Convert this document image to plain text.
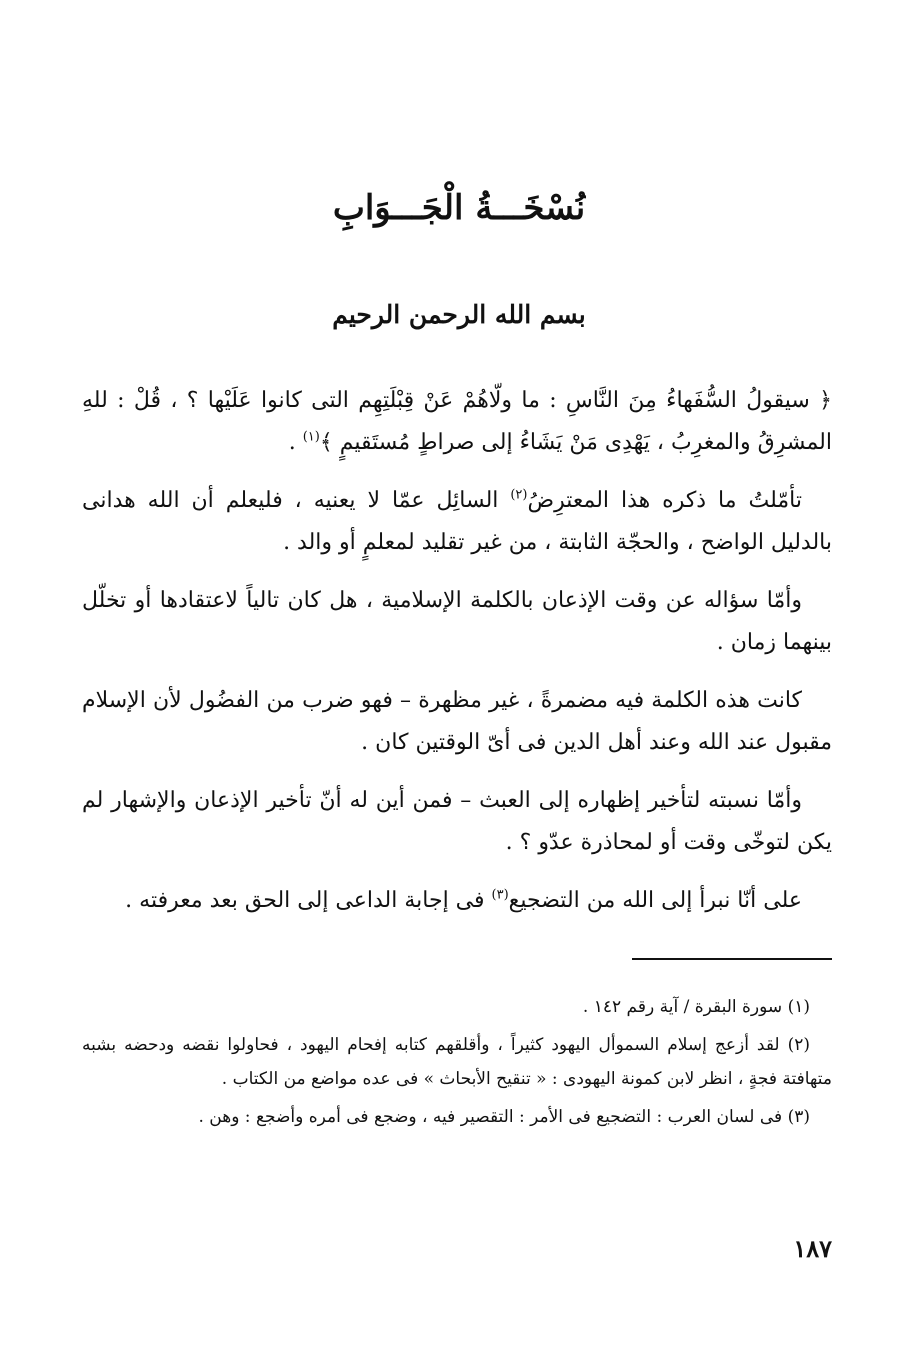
نُسْخَـــةُ الْجَـــوَابِ
بسم الله الرحمن الرحيم

﴿ سيقولُ السُّفَهاءُ مِنَ النَّاسِ : ما ولّاهُمْ عَنْ قِبْلَتِهِم التى كانوا عَلَيْها ؟ ، قُلْ : للهِ المشرِقُ والمغرِبُ ، يَهْدِى مَنْ يَشَاءُ إلى صراطٍ مُستَقيمٍ ﴾$^{(١)}$ .

تأمّلتُ ما ذكره هذا المعترِضُ$^{(٢)}$ السائِل عمّا لا يعنيه ، فليعلم أن الله هدانى بالدليل الواضح ، والحجّة الثابتة ، من غير تقليد لمعلمٍ أو والد .

وأمّا سؤاله عن وقت الإذعان بالكلمة الإسلامية ، هل كان تالياً لاعتقادها أو تخلّل بينهما زمان .

كانت هذه الكلمة فيه مضمرةً ، غير مظهرة – فهو ضرب من الفضُول لأن الإسلام مقبول عند الله وعند أهل الدين فى أىّ الوقتين كان .

وأمّا نسبته لتأخير إظهاره إلى العبث – فمن أين له أنّ تأخير الإذعان والإشهار لم يكن لتوخّى وقت أو لمحاذرة عدّو ؟ .

على أنّا نبرأ إلى الله من التضجيع$^{(٣)}$ فى إجابة الداعى إلى الحق بعد معرفته .

(١) سورة البقرة / آية رقم ١٤٢ .

(٢) لقد أزعج إسلام السموأل اليهود كثيراً ، وأقلقهم كتابه إفحام اليهود ، فحاولوا نقضه ودحضه بشبه متهافتة فجةٍ ، انظر لابن كمونة اليهودى : « تنقيح الأبحاث » فى عده مواضع من الكتاب .

(٣) فى لسان العرب : التضجيع فى الأمر : التقصير فيه ، وضجع فى أمره وأضجع : وهن .

١٨٧
